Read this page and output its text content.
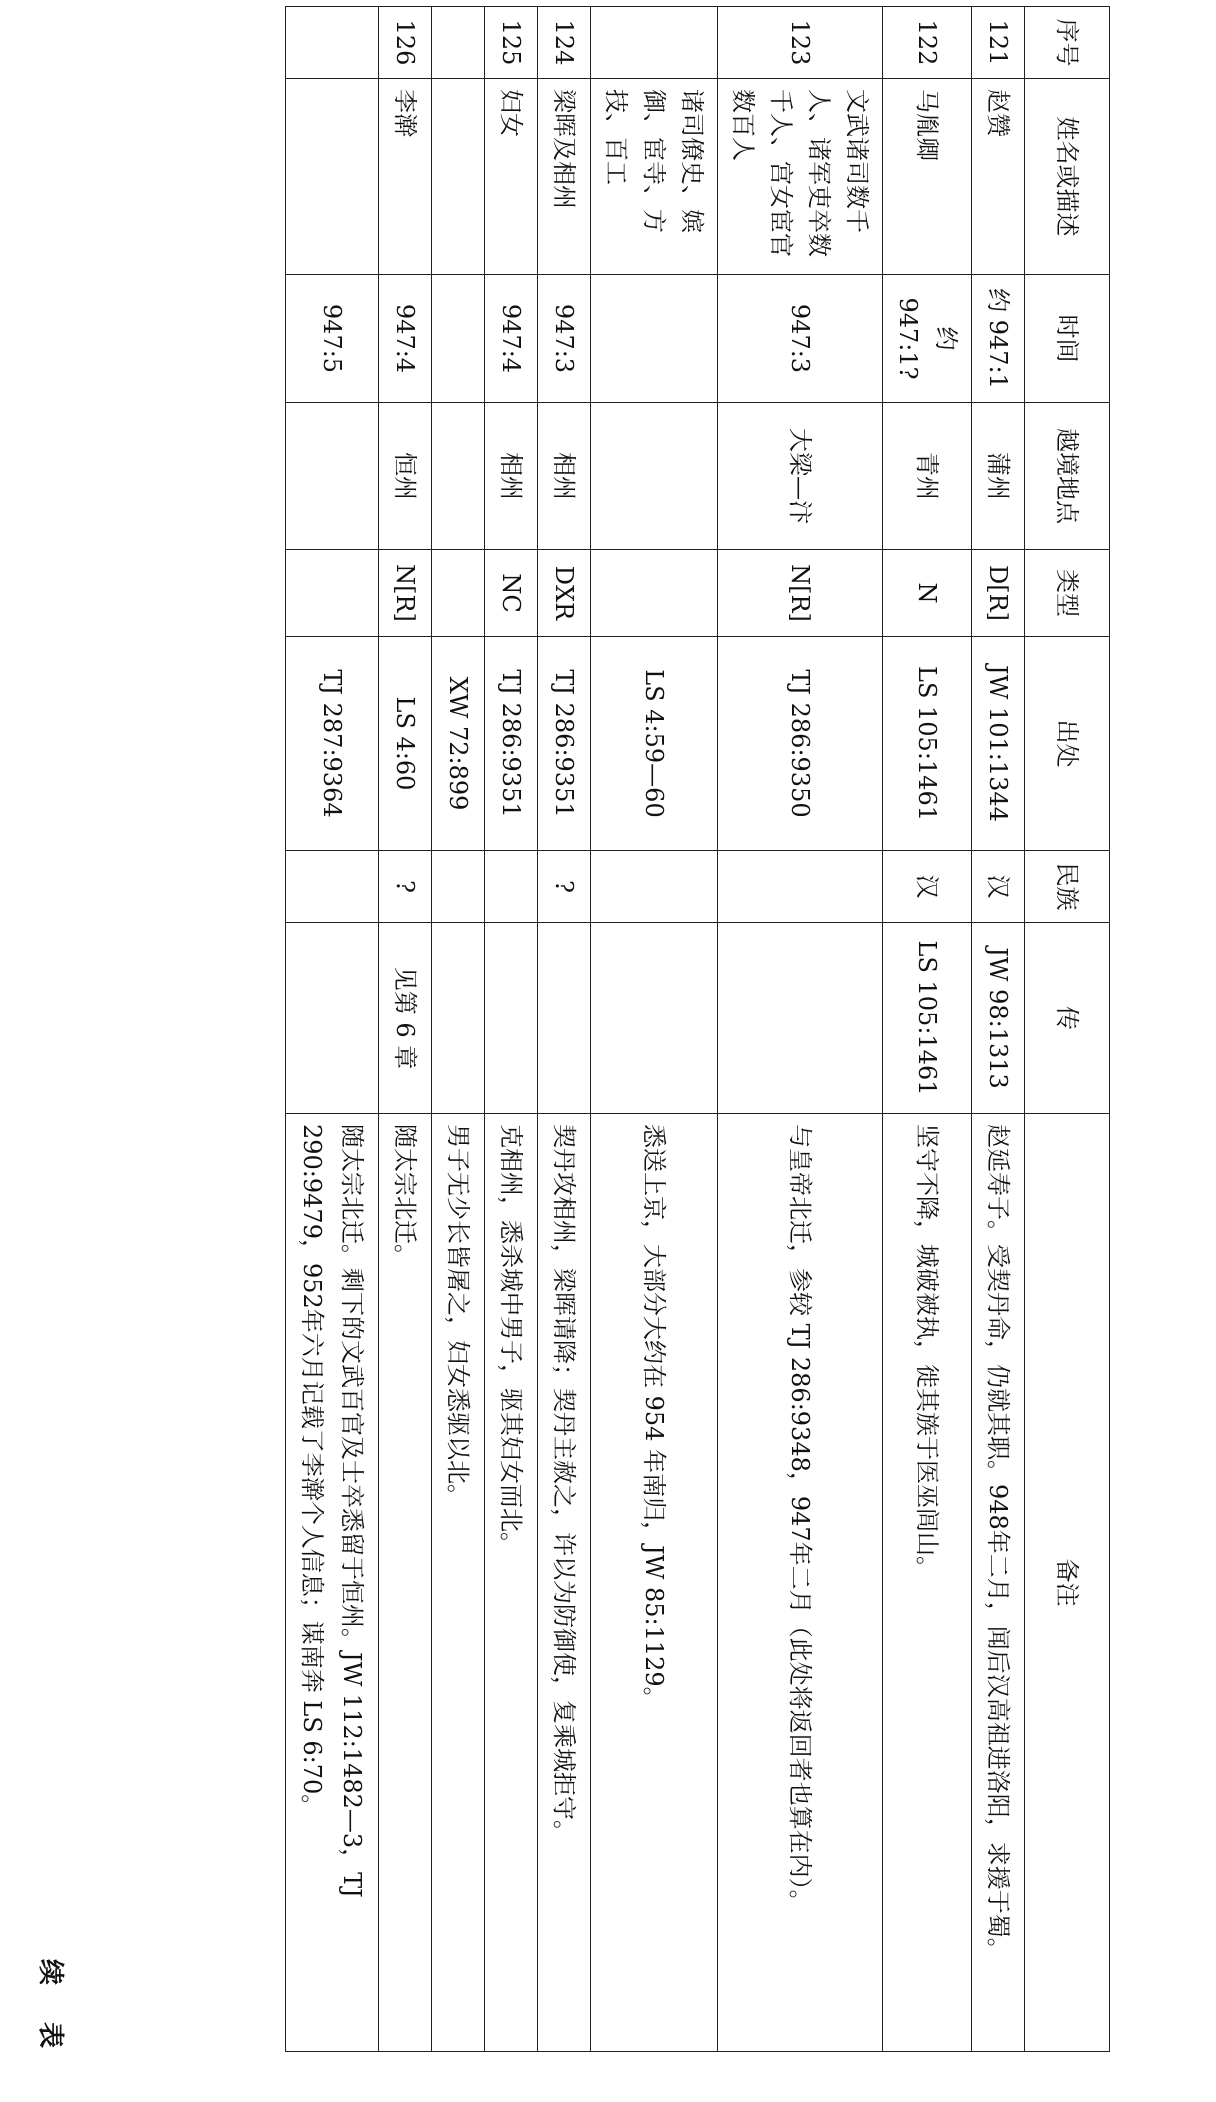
续 表
序号	姓名或描述	时间	越境地点	类型	出处	民族	传	备注
121	赵赞	约 947:1	蒲州	D[R]	JW 101:1344	汉	JW 98:1313	赵延寿子。受契丹命，仍就其职。948年二月，闻后汉高祖进洛阳，求援于蜀。
122	马胤卿	约 947:1?	青州	N	LS 105:1461	汉	LS 105:1461	坚守不降，城破被执，徙其族于医巫闾山。
123	文武诸司数千人、诸军吏卒数千人、宫女宦官数百人	947:3	大梁—汴	N[R]	TJ 286:9350			与皇帝北迁，参较 TJ 286:9348，947年二月（此处将返回者也算在内）。
	诸司僚史、嫔御、宦寺、方技、百工				LS 4:59—60			悉送上京，大部分大约在 954 年南归，JW 85:1129。
124	梁晖及相州	947:3	相州	DXR	TJ 286:9351	?		契丹攻相州，梁晖请降；契丹主赦之，许以为防御使，复乘城拒守。
125	妇女	947:4	相州	NC	TJ 286:9351			克相州，悉杀城中男子，驱其妇女而北。
					XW 72:899			男子无少长皆屠之，妇女悉驱以北。
126	李澣	947:4	恒州	N[R]	LS 4:60	?	见第 6 章	随太宗北迁。
		947:5			TJ 287:9364			随太宗北迁。剩下的文武百官及士卒悉留于恒州。JW 112:1482—3，TJ 290:9479，952年六月记载了李澣个人信息；谋南奔 LS 6:70。
